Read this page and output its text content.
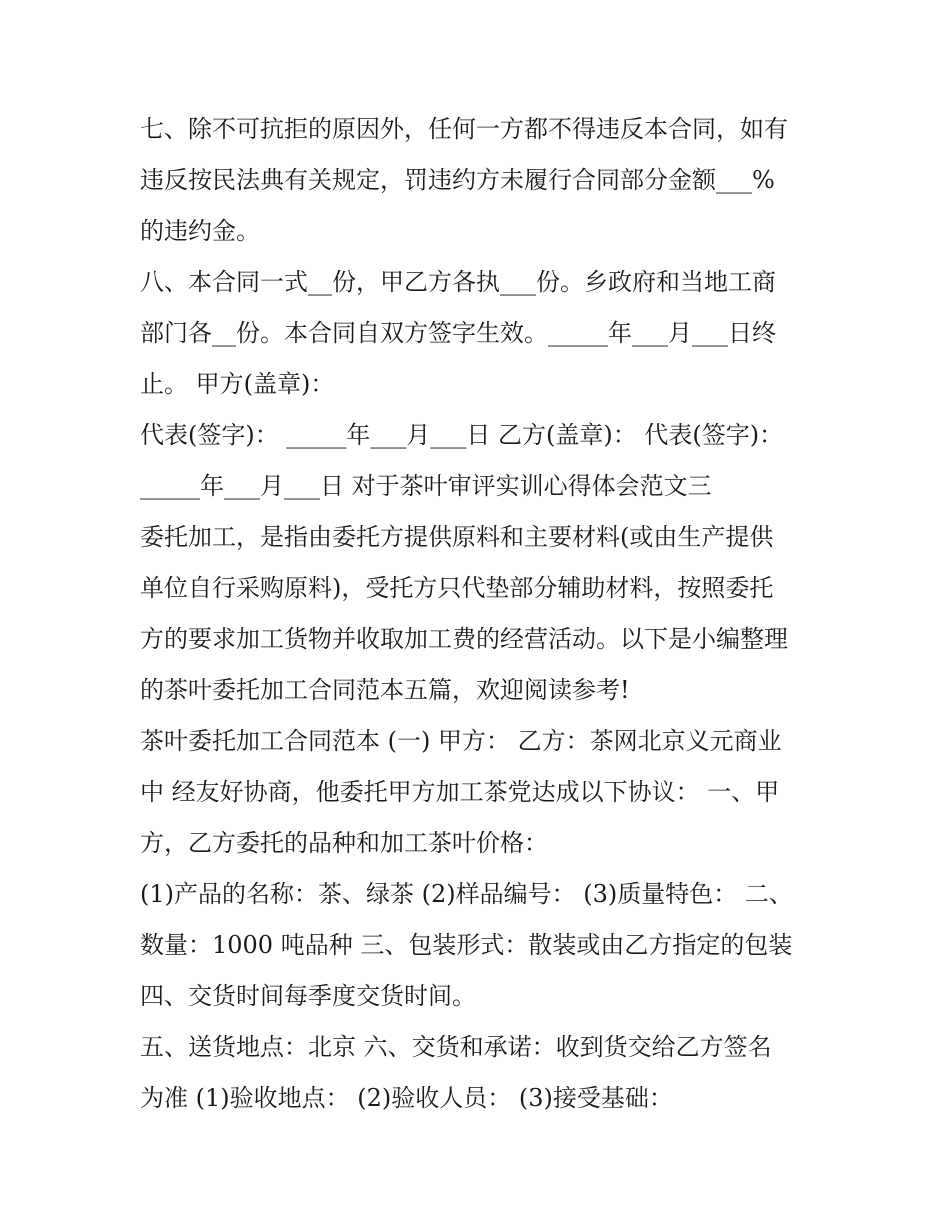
七、除不可抗拒的原因外，任何一方都不得违反本合同，如有
违反按民法典有关规定，罚违约方未履行合同部分金额___%
的违约金。
八、本合同一式__份，甲乙方各执___份。乡政府和当地工商
部门各__份。本合同自双方签字生效。_____年___月___日终
止。 甲方(盖章)：
代表(签字)： _____年___月___日 乙方(盖章)： 代表(签字)：
_____年___月___日 对于茶叶审评实训心得体会范文三
委托加工，是指由委托方提供原料和主要材料(或由生产提供
单位自行采购原料)，受托方只代垫部分辅助材料，按照委托
方的要求加工货物并收取加工费的经营活动。以下是小编整理
的茶叶委托加工合同范本五篇，欢迎阅读参考!
茶叶委托加工合同范本 (一) 甲方： 乙方：茶网北京义元商业
中 经友好协商，他委托甲方加工茶党达成以下协议： 一、甲
方，乙方委托的品种和加工茶叶价格：
(1)产品的名称：茶、绿茶 (2)样品编号： (3)质量特色： 二、
数量：1000 吨品种 三、包装形式：散装或由乙方指定的包装
四、交货时间每季度交货时间。
五、送货地点：北京 六、交货和承诺：收到货交给乙方签名
为准 (1)验收地点： (2)验收人员： (3)接受基础：
